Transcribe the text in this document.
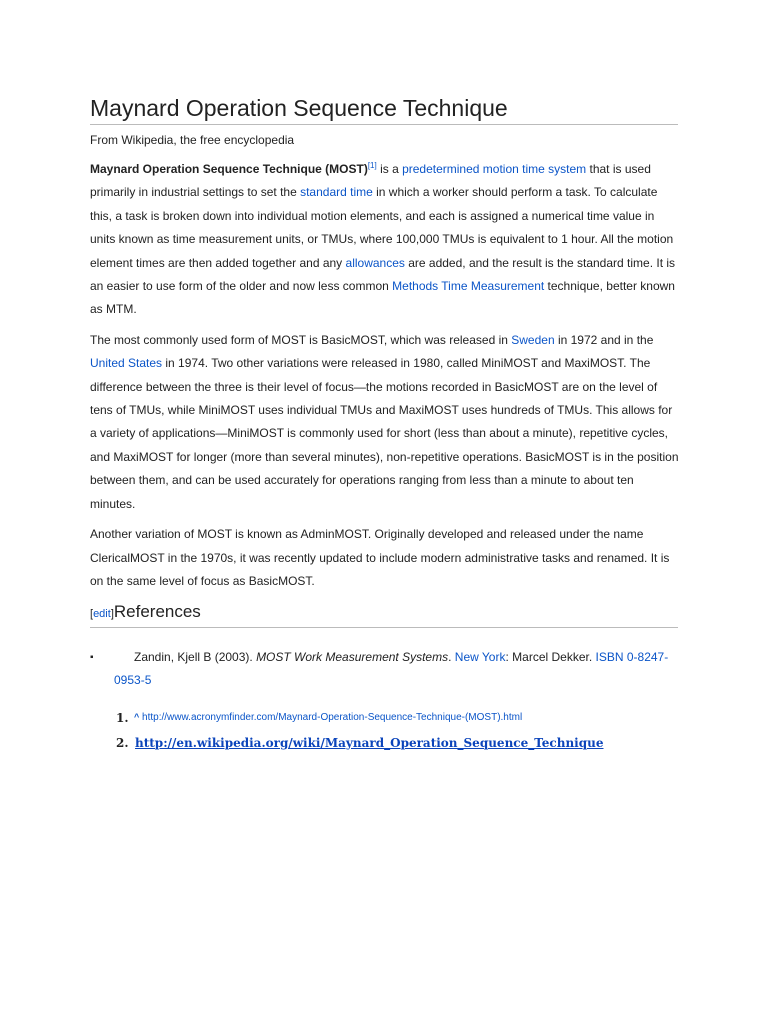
Maynard Operation Sequence Technique
From Wikipedia, the free encyclopedia

Maynard Operation Sequence Technique (MOST)[1] is a predetermined motion time system that is used primarily in industrial settings to set the standard time in which a worker should perform a task. To calculate this, a task is broken down into individual motion elements, and each is assigned a numerical time value in units known as time measurement units, or TMUs, where 100,000 TMUs is equivalent to 1 hour. All the motion element times are then added together and any allowances are added, and the result is the standard time. It is an easier to use form of the older and now less common Methods Time Measurement technique, better known as MTM.

The most commonly used form of MOST is BasicMOST, which was released in Sweden in 1972 and in the United States in 1974. Two other variations were released in 1980, called MiniMOST and MaxiMOST. The difference between the three is their level of focus—the motions recorded in BasicMOST are on the level of tens of TMUs, while MiniMOST uses individual TMUs and MaxiMOST uses hundreds of TMUs. This allows for a variety of applications—MiniMOST is commonly used for short (less than about a minute), repetitive cycles, and MaxiMOST for longer (more than several minutes), non-repetitive operations. BasicMOST is in the position between them, and can be used accurately for operations ranging from less than a minute to about ten minutes.

Another variation of MOST is known as AdminMOST. Originally developed and released under the name ClericalMOST in the 1970s, it was recently updated to include modern administrative tasks and renamed. It is on the same level of focus as BasicMOST.

[edit]References
▪	Zandin, Kjell B (2003). MOST Work Measurement Systems. New York: Marcel Dekker. ISBN 0-8247-0953-5
1. ^ http://www.acronymfinder.com/Maynard-Operation-Sequence-Technique-(MOST).html
2. http://en.wikipedia.org/wiki/Maynard_Operation_Sequence_Technique
